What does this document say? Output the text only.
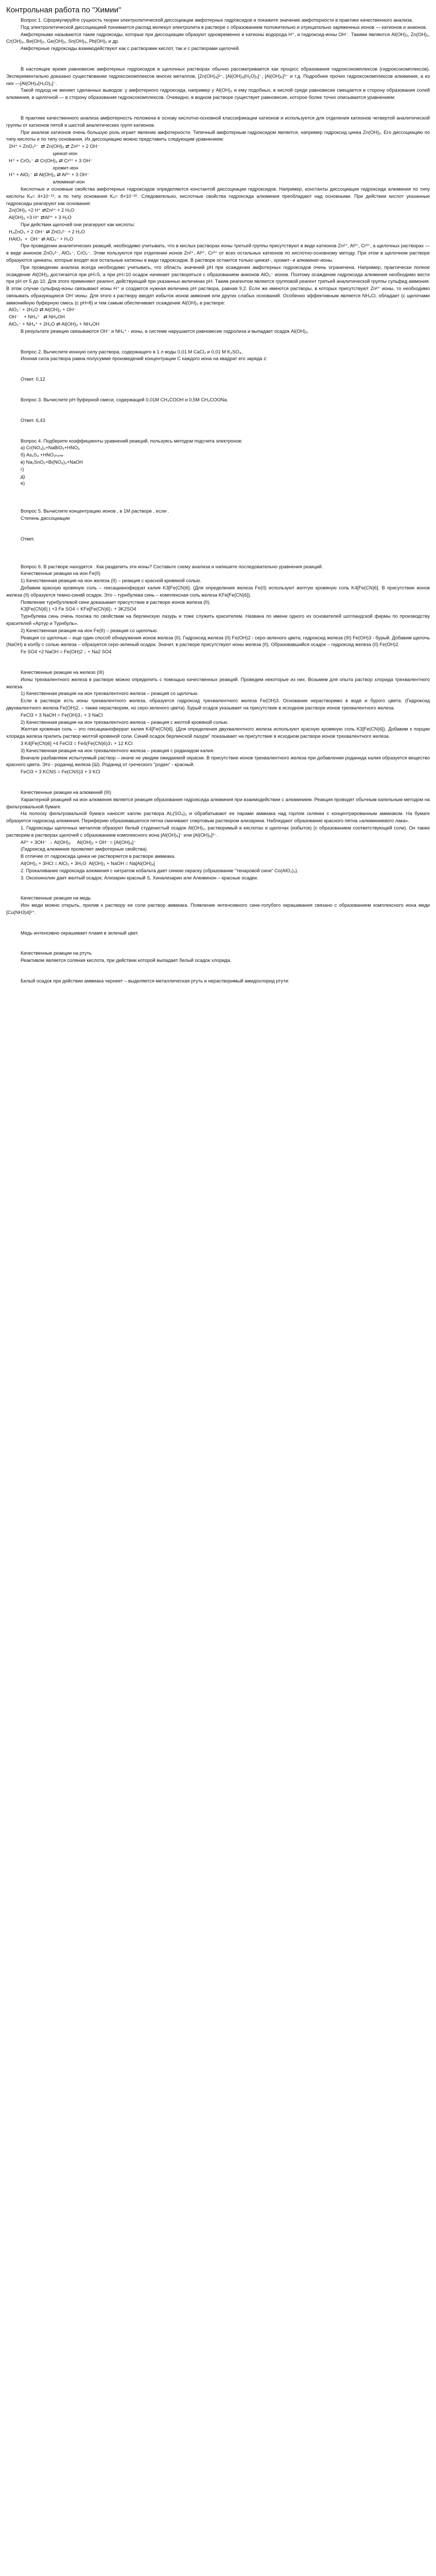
Контрольная работа по "Химии"

Вопрос 1. Сформулируйте сущность теории электролитической диссоциации амфотерных гидроксидов и покажите значение амфотерности в практике качественного анализа.

Под электролитической диссоциацией понимается распад молекул электролита в растворе с образованием положительно и отрицательно заряженных ионов — катионов и анионов.

Амфотерными называются такие гидроксиды, которые при диссоциации образуют одновременно и катионы водорода H⁺, и гидроксид-ионы OH⁻. Такими являются Al(OH)₃, Zn(OH)₂, Cr(OH)₃, Be(OH)₂, Ge(OH)₂, Sn(OH)₄, Pb(OH)₂ и др.

Амфотерные гидроксиды взаимодействуют как с растворами кислот, так и с растворами щелочей.

В настоящее время равновесие амфотерных гидроксидов в щелочных растворах обычно рассматривается как процесс образования гидроксокомплексов (гидроксокомплексов). Экспериментально доказано существование гидроксокомплексов многих металлов, [Zn(OH)₄]²⁻, [Al(OH)₄(H₂O)₂]⁻, [Al(OH)₆]³⁻ и т.д. Подробнее прочих гидроксокомплексов алюминия, а из них —[Al(OH)₄(H₂O)₂]⁻.

Такой подход не меняет сделанных выводов: у амфотерного гидроксида, например у Al(OH)₃ и ему подобных, в кислой среде равновесие смещается в сторону образования солей алюминия, в щелочной — в сторону образования гидроксокомплексов. Очевидно, в водном растворе существует равновесие, которое более точно описывается уравнением:

В практике качественного анализа амфотерность положена в основу кислотно-основной классификации катионов и используется для отделения катионов четвертой аналитической группы от катионов пятой и шестой аналитических групп катионов.

При анализе катионов очень большую роль играет явление амфотерности. Типичный амфотерным гидроксидом является, например гидроксид цинка Zn(OH)₂. Его диссоциацию по типу кислоты и по типу основания. Их диссоциацию можно представить следующим уравнением:

2H⁺ + ZnO₂²⁻  ⇄ Zn(OH)₂ ⇄ Zn²⁺ + 2 OH⁻
цинкат-ион
H⁺ + CrO₂⁻ ⇄ Cr(OH)₃ ⇄ Cr³⁺ + 3 OH⁻
хромит-ион
H⁺ + AlO₂⁻ ⇄ Al(OH)₃ ⇄ Al³⁺ + 3 OH⁻
алюминат-ион

Кислотные и основные свойства амфотерных гидроксидов определяются константой диссоциации гидроксидов. Например, константы диссоциации гидроксида алюминия по типу кислоты Kₐ= 4×10⁻¹³, а по типу основания Kₒ= 8×10⁻²⁵. Следовательно, кислотные свойства гидроксида алюминия преобладают над основными. При действии кислот указанные гидроксиды реагируют как основания:

Zn(OH)₂ +2 H⁺ ⇄Zn²⁺ + 2 H₂O
Al(OH)₃ +3 H⁺ ⇄Al³⁺ + 3 H₂O

При действии щелочей они реагируют как кислоты:

H₂ZnO₂ + 2 OH⁻ ⇄ ZnO₂²⁻ + 2 H₂O
HAlO₂  +  OH⁻ ⇄ AlO₂⁻ + H₂O

При проведении аналитических реакций, необходимо учитывать, что в кислых растворах ионы третьей группы присутствуют в виде катионов Zn²⁺, Al³⁺, Cr³⁺, а щелочных растворах — в виде анионов ZnO₂²⁻, AlO₂⁻, CrO₂⁻. Этим пользуются при отделении ионов Zn²⁺, Al³⁺, Cr³⁺ от всех остальных катионов по кислотно-основному методу. При этом в щелочном растворе образуются цинкаты, которые входят все остальные катионы в виде гидроксидов. В растворе остаются только цинкат-, хромит- и алюминат-ионы.

При проведении анализа всегда необходимо учитывать, что область значений pH при осаждении амфотерных гидроксидов очень ограничена. Например, практически полное осаждение Al(OH)₃ достигается при pH=5, а при pH=10 осадок начинает растворяться с образованием анионов AlO₂⁻ ионов. Поэтому осаждение гидроксида алюминия необходимо вести при pH от 5 до 10. Для этого применяют реагент, действующий при указанных величинах pH. Таким реагентом является групповой реагент третьей аналитической группы сульфид аммония. В этом случае сульфид-ионы связывают ионы H⁺ и создается нужная величина pH раствора, равная 9,2. Если же имеются растворы, в которых присутствуют Zn²⁺ ионы, то необходимо связывать образующиеся OH⁻ионы. Для этого к раствору вводят избыток ионов аммония или других слабых оснований. Особенно эффективным является NH₄Cl, обладает (с щелочами аммонийную буферную смесь (с pH≈8) и тем самым обеспечивает осаждение Al(OH)₃ в растворе:

AlO₂⁻ + 2H₂O ⇄ Al(OH)₃ + OH⁻
OH⁻    + NH₄⁺   ⇄ NH₄OH
AlO₂⁻ + NH₄⁺ + 2H₂O ⇄ Al(OH)₃ + NH₄OH

В результате реакции связываются OH⁻ и NH₄⁺ - ионы, в системе нарушается равновесие гидролиза и выпадает осадок Al(OH)₃.

Вопрос 2. Вычислите ионную силу раствора, содержащего в 1 л воды 0,01 М CaCl₂ и 0,01 М K₂SO₄.

Ионная сила раствора равна полусумме произведений концентрации C каждого иона на квадрат его заряда z:

Ответ. 0,12

Вопрос 3. Вычислите pH буферной смеси, содержащей 0,01М CH₃COOH и 0,5М CH₃COONa.

Ответ. 6,43

Вопрос 4. Подберите коэффициенты уравнений реакций, пользуясь методом подсчета электронов:

а) Cr(NO₃)₃+NaBiO₃+HNO₃

б) As₂S₃ +HNO₃ₖₒₙₑ

в) Na₂SnO₂+Bi(NO₃)₃+NaOH

г)

д)

е)

Вопрос 5. Вычислите концентрацию ионов , в 1М растворе , если .

Степень диссоциации

Ответ.

Вопрос 6. В растворе находятся . Как разделить эти ионы? Составьте схему анализа и напишите последовательно уравнения реакций.

Качественные реакции на ион Fe(II)

1) Качественная реакция на ион железа (II) – реакция с красной кровяной солью.

Добавим красную кровяную соль – гексацианоферрат калия K3[Fe(CN)6]. (Для определения железа Fe(II) используют желтую кровяную соль K4[Fe(CN)6]. В присутствии ионов железа (II) образуется темно-синий осадок. Это – турнбулева синь – комплексная соль железа KFe[Fe(CN)6]).

Появление турнбуллевой сини доказывает присутствие в растворе ионов железа (II).

K3[Fe(CN)6] ) +3 Fe SO4 = KFe[Fe(CN)6]↓ + 3K2SO4

Турнбулева синь очень похожа по свойствам на берлинскую лазурь и тоже служить красителем. Названа по имени одного из основателей шотландской фирмы по производству красителей «Артур и Турнбуль».

2) Качественная реакция на ион Fe(II) – реакция со щелочью.

Реакция со щелочью – еще один способ обнаружения ионов железа (II). Гидроксид железа (II) Fe(OH)2 - серо-зеленого цвета, гидроксид железа (III) Fe(OH)3 - бурый. Добавим щелочь (NaOH) в колбу с солью железа – образуется серо-зеленый осадок. Значит, в растворе присутствуют ионы железа (II). Образовавшийся осадок – гидроксид железа (II) Fe(OH)2.

Fe SO4 +2 NaOH = Fe(OH)2 ↓ + Na2 SO4

Качественные реакции на железо (III)

Ионы трехвалентного железа в растворе можно определить с помощью качественных реакций. Проведем некоторые из них. Возьмем для опыта раствор хлорида трехвалентного железа.

1) Качественная реакция на ион трехвалентного железа – реакция со щелочью.

Если в растворе есть ионы трехвалентного железа, образуется гидроксид трехвалентного железа Fe(OH)3. Основание нерастворимо в воде и бурого цвета. (Гидроксид двухвалентного железа Fe(OH)2. – также нерастворим, но серо-зеленого цвета). Бурый осадок указывает на присутствие в исходном растворе ионов трехвалентного железа.

FeCl3 + 3 NaOH = Fe(OH)3↓ + 3 NaCl

2) Качественная реакция на ион трехвалентного железа – реакция с желтой кровяной солью.

Желтая кровяная соль – это гексацианоферрат калия K4[Fe(CN)6]. (Для определения двухвалентного железа используют красную кровяную соль K3[Fe(CN)6]). Добавим к порции хлорида железа прилить раствор желтой кровяной соли. Синий осадок берлинской лазури" показывает на присутствие в исходном растворе ионов трехвалентного железа.

3 K4[Fe(CN)6] +4 FeCl3 = Fe4(Fe(CN)6)3↓ + 12 KCl

3) Качественная реакция на ион трехвалентного железа – реакция с роданидом калия.

Вначале разбавляем испытуемый раствор – иначе не увидим ожидаемой окраски. В присутствии ионов трехвалентного железа при добавлении роданида калия образуется вещество красного цвета. Это - роданид железа (Ш). Роданид от греческого "роден" - красный.

FeCl3 + 3 KCNS = Fe(CNS)3 + 3 KCl

Качественные реакции на алюминий (III)

Характерной реакцией на ион алюминия является реакция образования гидроксида алюминия при взаимодействии с алюминием. Реакция проводят обычным капельным методом на фильтровальной бумаге.

На полоску фильтровальной бумаги наносят каплю раствора Al₂(SO₄)₃ и обрабатывают ее парами аммиака над горлом склянки с концентрированным аммиаком. На бумаге образуется гидроксид алюминия, Периферию образовавшегося пятна смачивают спиртовым раствором ализарина. Наблюдают образование красного пятна «алюминиевого лака».

1. Гидроксиды щелочных металлов образуют белый студенистый осадок Al(OH)₃, растворимый в кислотах и щелочах (избыток) (с образованием соответствующей соли). Он также растворим в растворах щелочей с образованием комплексного иона [Al(OH)₄]⁻ или [Al(OH)₆]³⁻.

Al³⁺ + 3OH⁻ → Al(OH)₃     Al(OH)₃ + OH⁻ = [Al(OH)₄]⁻

(Гидроксид алюминия проявляет амфотерные свойства)

В отличие от гидроксида цинка не растворяется в растворе аммиака.

Al(OH)₃ + 3HCl = AlCl₃ + 3H₂O  Al(OH)₃ + NaOH = Na[Al(OH)₄]

2. Прокаливание гидроксида алюминия с нитратом кобальта дает синюю окраску (образование "тенаровой сини" Co(AlO₂)₂).

3. Оксихинолин дает желтый осадок; Ализарин красный S, Хинализарин или Алюминон – красные осадки.

Качественные реакции на медь

Ион меди можно открыть, прилив к раствору ее соли раствор аммиака. Появление интенсивного сине-голубого окрашивания связано с образованием комплексного иона меди [Cu(NH3)4]²⁺.

Медь интенсивно окрашивает пламя в зеленый цвет.

Качественные реакции на ртуть

Реактивом является соляная кислота, при действии которой выпадает белый осадок хлорида.

Белый осадок при действии аммиака чернеет – выделяется металлическая ртуть и нерастворимый амидохлорид ртути:
